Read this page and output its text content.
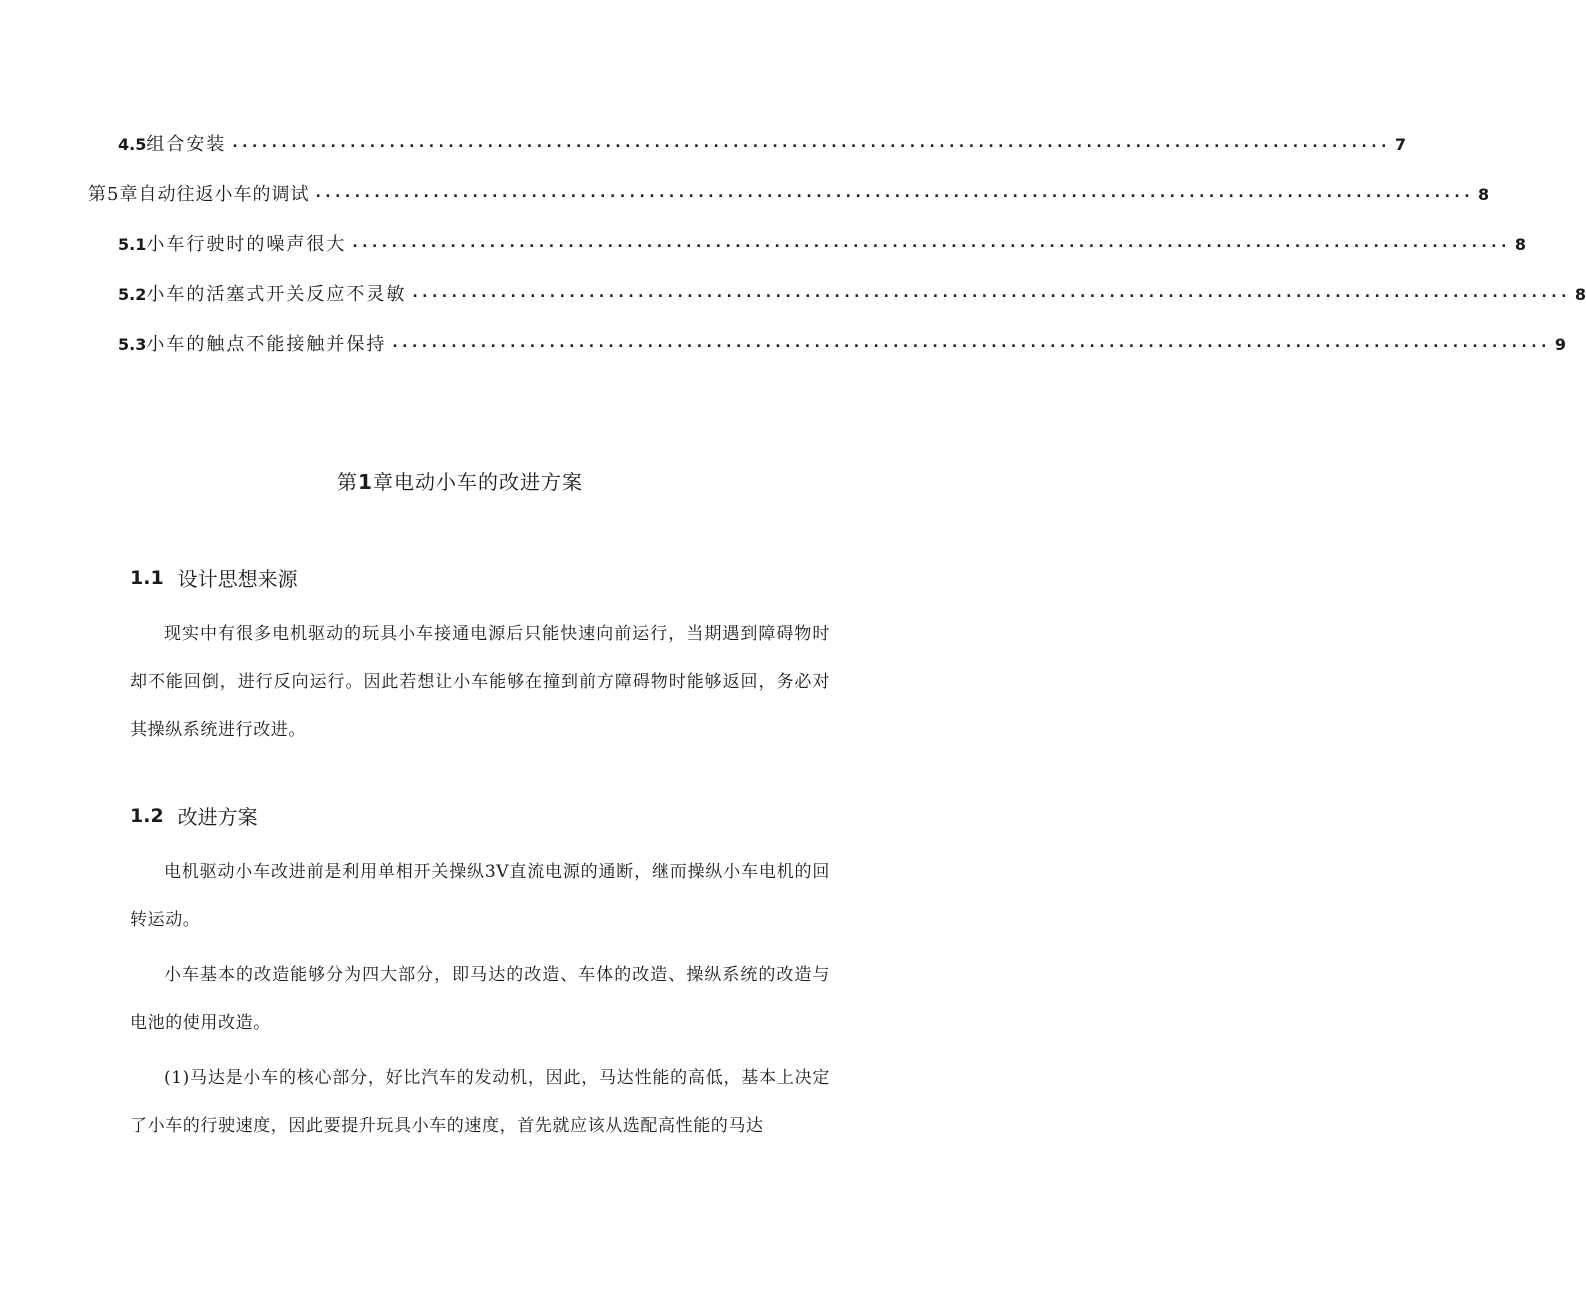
4.5 组合安装 ...................................................................................................................... 7
第5章 自动往返小车的调试 ...................................................................................................................... 8
5.1 小车行驶时的噪声很大 ...................................................................................................................... 8
5.2 小车的活塞式开关反应不灵敏 ...................................................................................................................... 8
5.3 小车的触点不能接触并保持 ...................................................................................................................... 9
第1章电动小车的改进方案
1.1 设计思想来源

现实中有很多电机驱动的玩具小车接通电源后只能快速向前运行，当期遇到障碍物时却不能回倒，进行反向运行。因此若想让小车能够在撞到前方障碍物时能够返回，务必对其操纵系统进行改进。

1.2 改进方案

电机驱动小车改进前是利用单相开关操纵3V直流电源的通断，继而操纵小车电机的回转运动。

小车基本的改造能够分为四大部分，即马达的改造、车体的改造、操纵系统的改造与电池的使用改造。

(1)马达是小车的核心部分，好比汽车的发动机，因此，马达性能的高低，基本上决定了小车的行驶速度，因此要提升玩具小车的速度，首先就应该从选配高性能的马达
